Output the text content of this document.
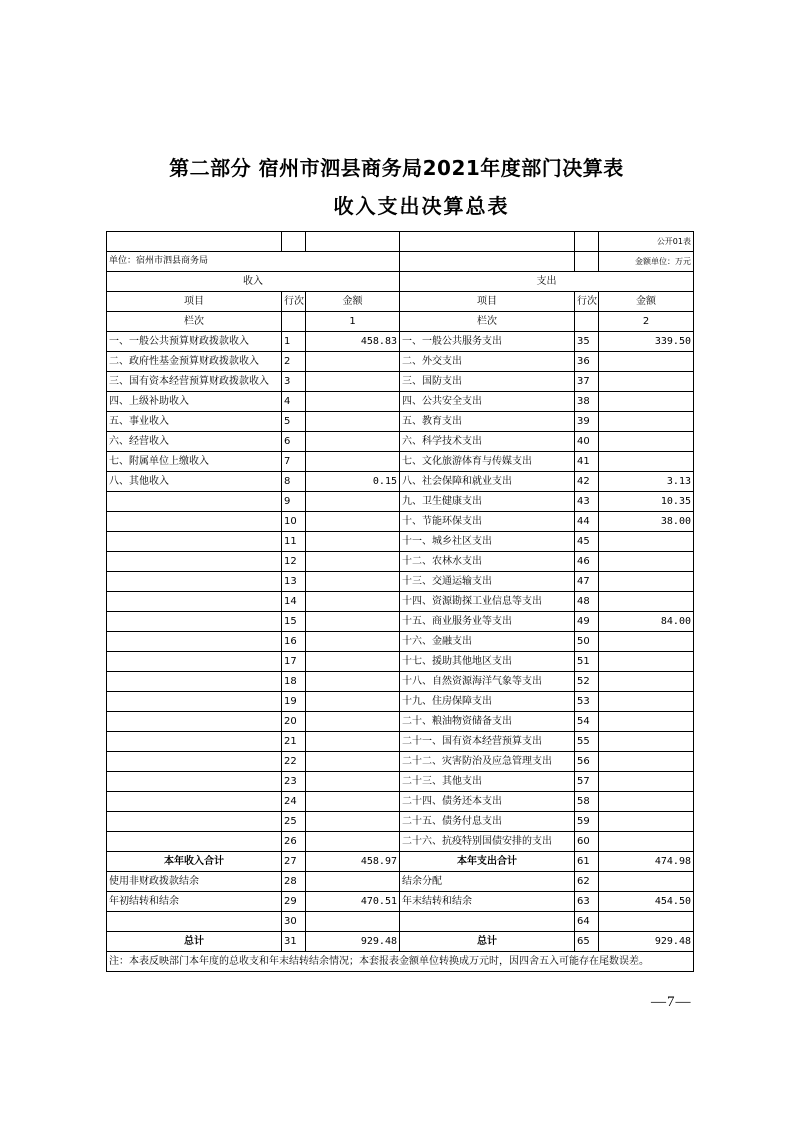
第二部分 宿州市泗县商务局2021年度部门决算表
收入支出决算总表
					公开01表
单位：宿州市泗县商务局					金额单位：万元
收入			支出		
项目	行次	金额	项目	行次	金额
栏次		1	栏次		2
一、一般公共预算财政拨款收入	1	458.83	一、一般公共服务支出	35	339.50
二、政府性基金预算财政拨款收入	2		二、外交支出	36	
三、国有资本经营预算财政拨款收入	3		三、国防支出	37	
四、上级补助收入	4		四、公共安全支出	38	
五、事业收入	5		五、教育支出	39	
六、经营收入	6		六、科学技术支出	40	
七、附属单位上缴收入	7		七、文化旅游体育与传媒支出	41	
八、其他收入	8	0.15	八、社会保障和就业支出	42	3.13
	9		九、卫生健康支出	43	10.35
	10		十、节能环保支出	44	38.00
	11		十一、城乡社区支出	45	
	12		十二、农林水支出	46	
	13		十三、交通运输支出	47	
	14		十四、资源勘探工业信息等支出	48	
	15		十五、商业服务业等支出	49	84.00
	16		十六、金融支出	50	
	17		十七、援助其他地区支出	51	
	18		十八、自然资源海洋气象等支出	52	
	19		十九、住房保障支出	53	
	20		二十、粮油物资储备支出	54	
	21		二十一、国有资本经营预算支出	55	
	22		二十二、灾害防治及应急管理支出	56	
	23		二十三、其他支出	57	
	24		二十四、债务还本支出	58	
	25		二十五、债务付息支出	59	
	26		二十六、抗疫特别国债安排的支出	60	
本年收入合计	27	458.97	本年支出合计	61	474.98
使用非财政拨款结余	28		结余分配	62	
年初结转和结余	29	470.51	年末结转和结余	63	454.50
	30			64	
总计	31	929.48	总计	65	929.48
注：本表反映部门本年度的总收支和年末结转结余情况；本套报表金额单位转换成万元时，因四舍五入可能存在尾数误差。					
—7—
